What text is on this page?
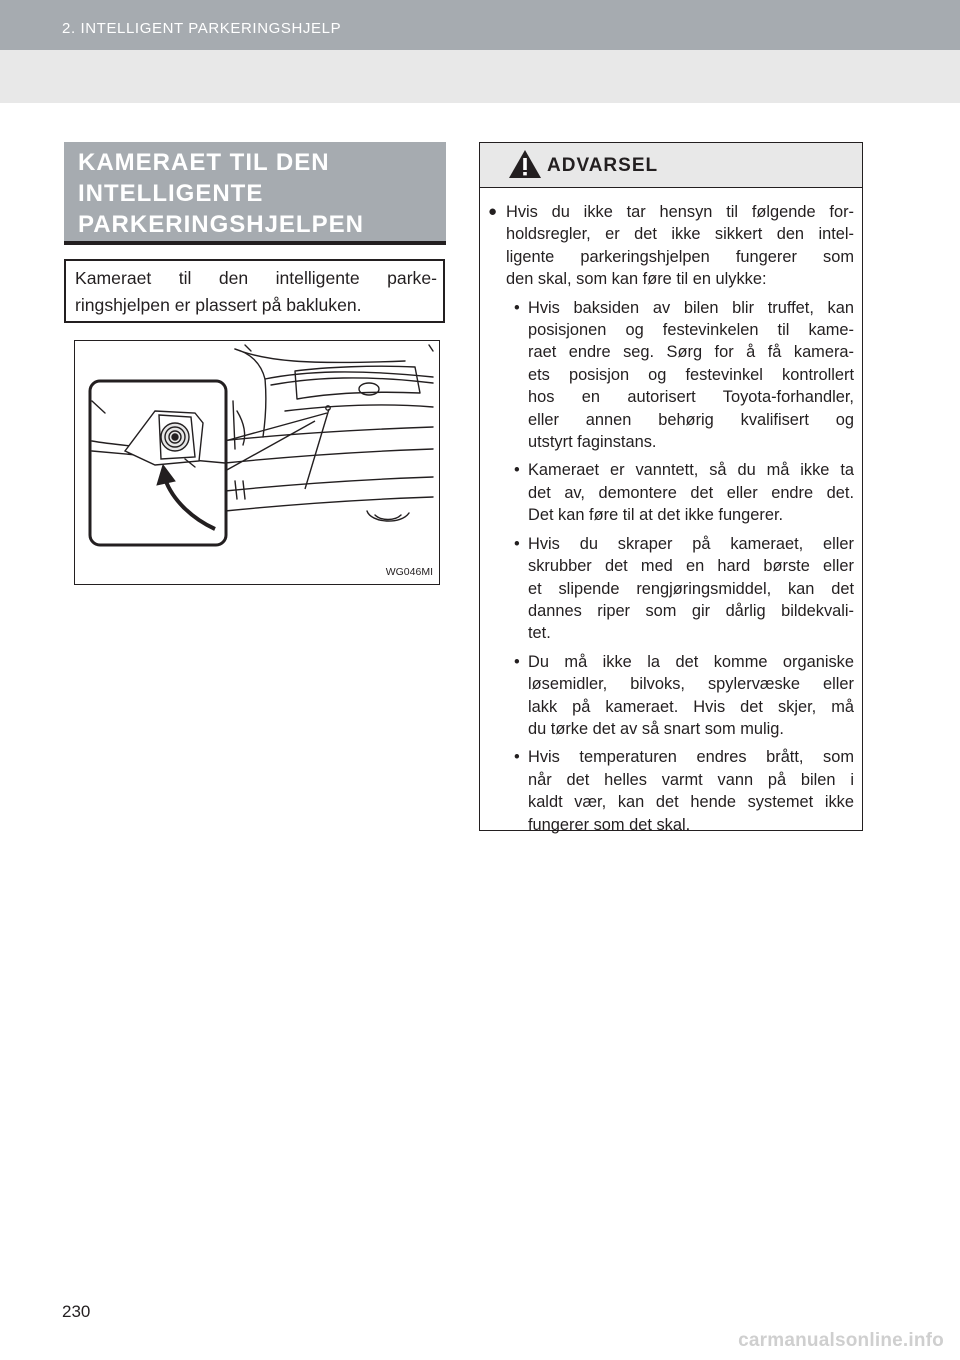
2. INTELLIGENT PARKERINGSHJELP
KAMERAET TIL DEN INTELLIGENTE PARKERINGSHJELPEN
Kameraet til den intelligente parke-
ringshjelpen er plassert på bakluken.
WG046MI
ADVARSEL
● Hvis du ikke tar hensyn til følgende for-
holdsregler, er det ikke sikkert den intel-
ligente parkeringshjelpen fungerer som
den skal, som kan føre til en ulykke:
• Hvis baksiden av bilen blir truffet, kan
posisjonen og festevinkelen til kame-
raet endre seg. Sørg for å få kamera-
ets posisjon og festevinkel kontrollert
hos en autorisert Toyota-forhandler,
eller annen behørig kvalifisert og
utstyrt faginstans.
• Kameraet er vanntett, så du må ikke ta
det av, demontere det eller endre det.
Det kan føre til at det ikke fungerer.
• Hvis du skraper på kameraet, eller
skrubber det med en hard børste eller
et slipende rengjøringsmiddel, kan det
dannes riper som gir dårlig bildekvali-
tet.
• Du må ikke la det komme organiske
løsemidler, bilvoks, spylervæske eller
lakk på kameraet. Hvis det skjer, må
du tørke det av så snart som mulig.
• Hvis temperaturen endres brått, som
når det helles varmt vann på bilen i
kaldt vær, kan det hende systemet ikke
fungerer som det skal.
230
carmanualsonline.info
